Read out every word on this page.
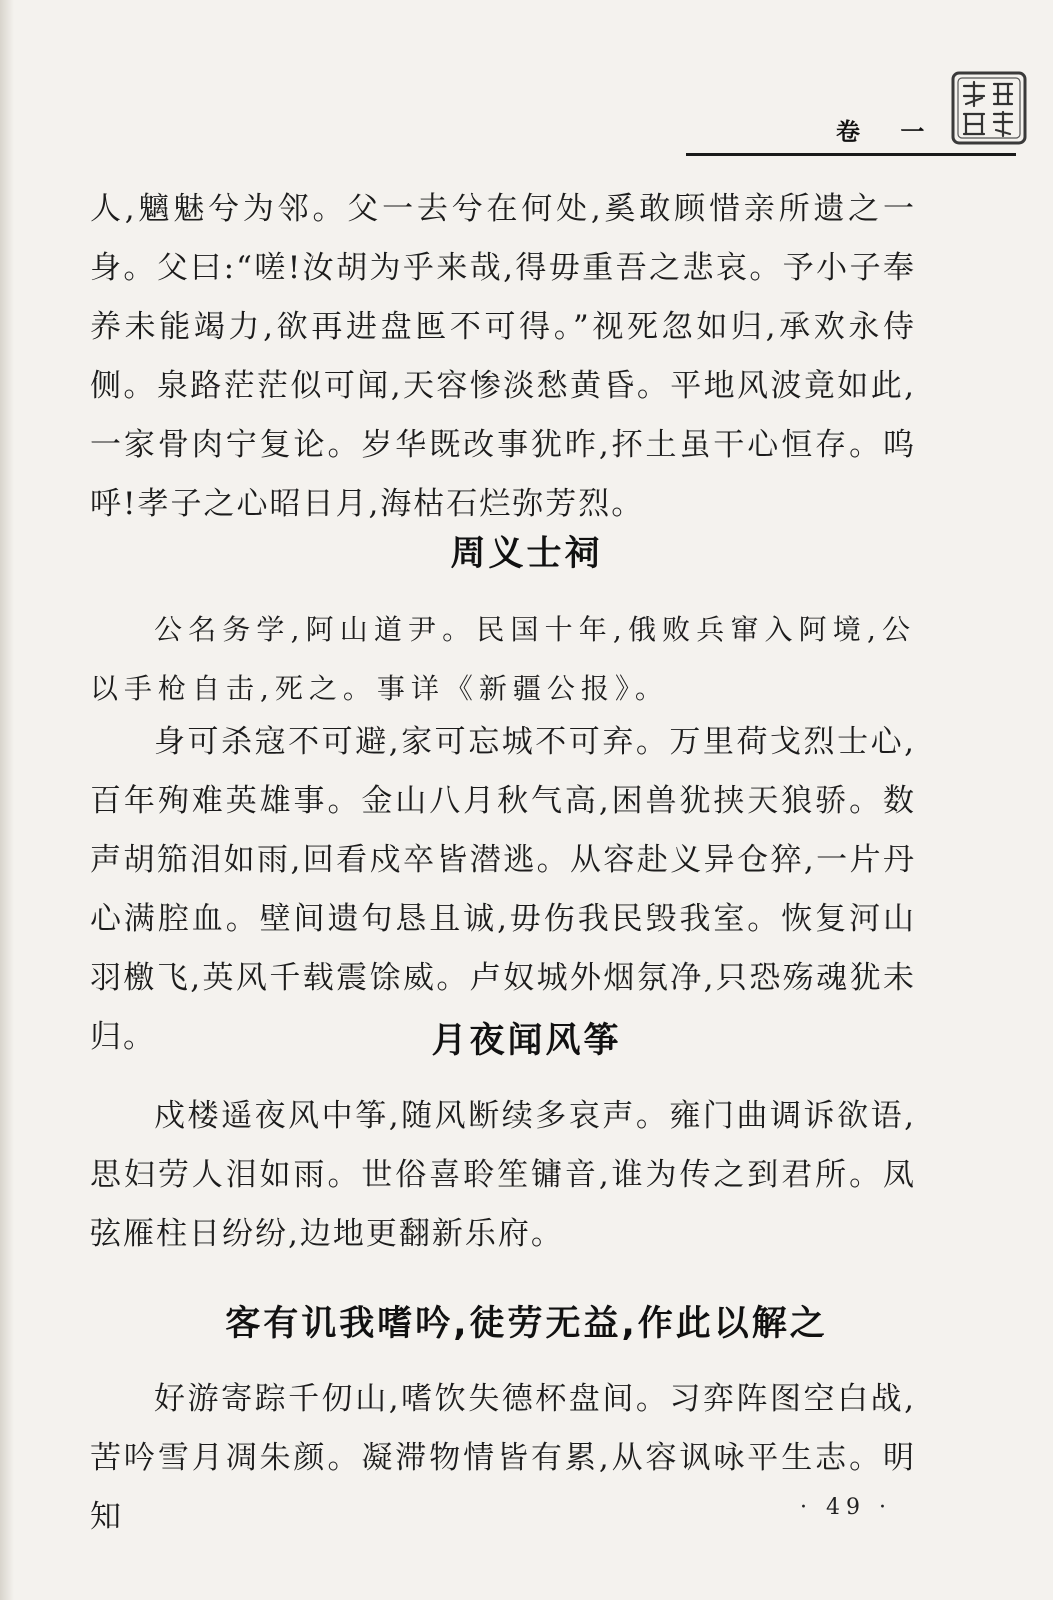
卷 一

人,魑魅兮为邻。父一去兮在何处,奚敢顾惜亲所遗之一身。父曰:“嗟!汝胡为乎来哉,得毋重吾之悲哀。予小子奉养未能竭力,欲再进盘匜不可得。”视死忽如归,承欢永侍侧。泉路茫茫似可闻,天容惨淡愁黄昏。平地风波竟如此,一家骨肉宁复论。岁华既改事犹昨,抔土虽干心恒存。呜呼!孝子之心昭日月,海枯石烂弥芳烈。

周义士祠

公名务学,阿山道尹。民国十年,俄败兵窜入阿境,公以手枪自击,死之。事详《新疆公报》。

身可杀寇不可避,家可忘城不可弃。万里荷戈烈士心,百年殉难英雄事。金山八月秋气高,困兽犹挟天狼骄。数声胡笳泪如雨,回看戍卒皆潜逃。从容赴义异仓猝,一片丹心满腔血。壁间遗句恳且诚,毋伤我民毁我室。恢复河山羽檄飞,英风千载震馀威。卢奴城外烟氛净,只恐殇魂犹未归。	月夜闻风筝

戍楼遥夜风中筝,随风断续多哀声。雍门曲调诉欲语,思妇劳人泪如雨。世俗喜聆笙镛音,谁为传之到君所。凤弦雁柱日纷纷,边地更翻新乐府。

客有讥我嗜吟,徒劳无益,作此以解之

好游寄踪千仞山,嗜饮失德杯盘间。习弈阵图空白战,苦吟雪月凋朱颜。凝滞物情皆有累,从容讽咏平生志。明知	· 49 ·
